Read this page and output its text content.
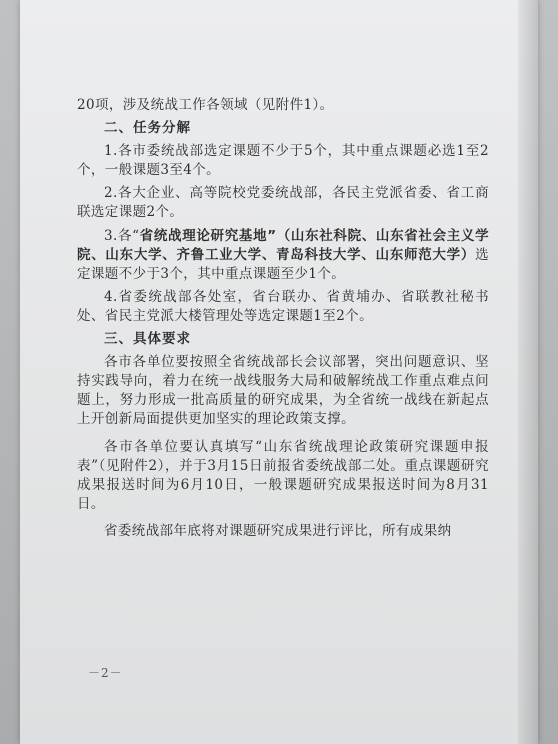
20项，涉及统战工作各领域（见附件1）。

二、任务分解

1.各市委统战部选定课题不少于5个，其中重点课题必选1至2个，一般课题3至4个。

2.各大企业、高等院校党委统战部，各民主党派省委、省工商联选定课题2个。

3.各“省统战理论研究基地”（山东社科院、山东省社会主义学院、山东大学、齐鲁工业大学、青岛科技大学、山东师范大学）选定课题不少于3个，其中重点课题至少1个。

4.省委统战部各处室，省台联办、省黄埔办、省联教社秘书处、省民主党派大楼管理处等选定课题1至2个。

三、具体要求

各市各单位要按照全省统战部长会议部署，突出问题意识、坚持实践导向，着力在统一战线服务大局和破解统战工作重点难点问题上，努力形成一批高质量的研究成果，为全省统一战线在新起点上开创新局面提供更加坚实的理论政策支撑。

各市各单位要认真填写“山东省统战理论政策研究课题申报表”（见附件2），并于3月15日前报省委统战部二处。重点课题研究成果报送时间为6月10日，一般课题研究成果报送时间为8月31日。

省委统战部年底将对课题研究成果进行评比，所有成果纳

－2－
